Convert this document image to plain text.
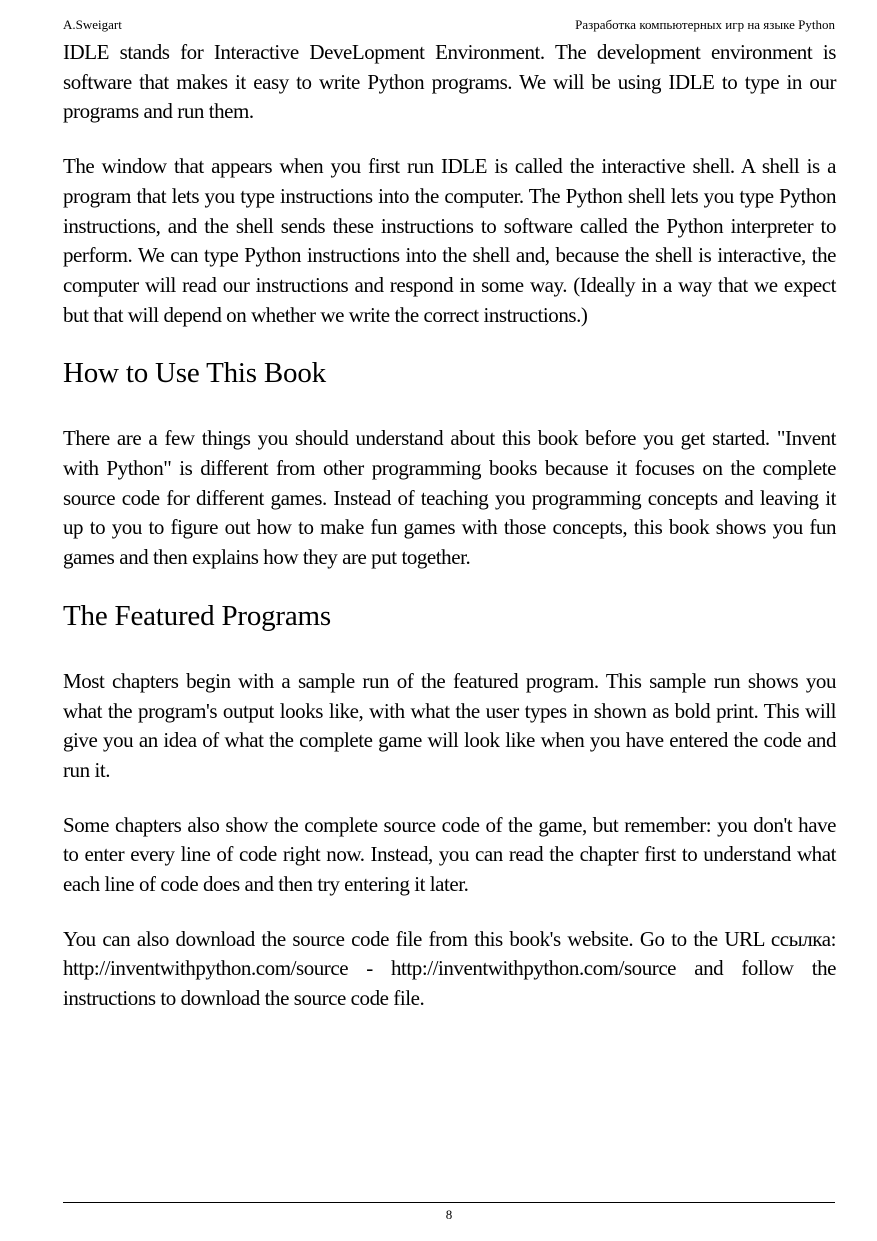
A.Sweigart	Разработка компьютерных игр на языке Python

IDLE stands for Interactive DeveLopment Environment. The development environment is software that makes it easy to write Python programs. We will be using IDLE to type in our programs and run them.

The window that appears when you first run IDLE is called the interactive shell. A shell is a program that lets you type instructions into the computer. The Python shell lets you type Python instructions, and the shell sends these instructions to software called the Python interpreter to perform. We can type Python instructions into the shell and, because the shell is interactive, the computer will read our instructions and respond in some way. (Ideally in a way that we expect but that will depend on whether we write the correct instructions.)

How to Use This Book

There are a few things you should understand about this book before you get started. "Invent with Python" is different from other programming books because it focuses on the complete source code for different games. Instead of teaching you programming concepts and leaving it up to you to figure out how to make fun games with those concepts, this book shows you fun games and then explains how they are put together.

The Featured Programs

Most chapters begin with a sample run of the featured program. This sample run shows you what the program's output looks like, with what the user types in shown as bold print. This will give you an idea of what the complete game will look like when you have entered the code and run it.

Some chapters also show the complete source code of the game, but remember: you don't have to enter every line of code right now. Instead, you can read the chapter first to understand what each line of code does and then try entering it later.

You can also download the source code file from this book's website. Go to the URL ссылка: http://inventwithpython.com/source - http://inventwithpython.com/source and follow the instructions to download the source code file.

8
